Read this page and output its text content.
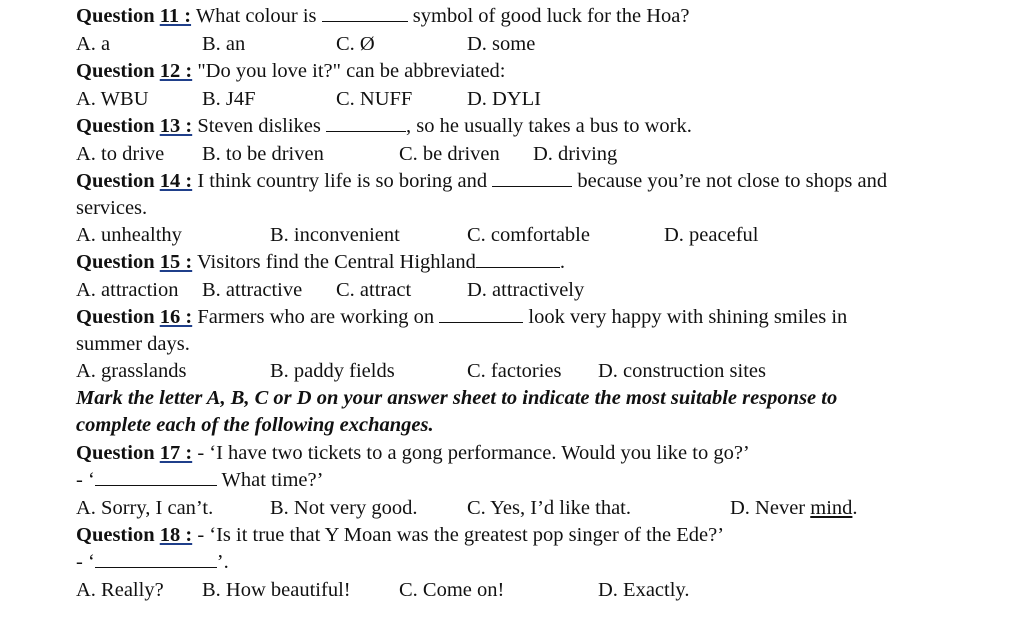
Question 11 : What colour is	symbol of good luck for the Hoa?
A. a	B. an	C. Ø	D. some
Question 12 : "Do you love it?" can be abbreviated:
A. WBU	B. J4F	C. NUFF	D. DYLI
Question 13 : Steven dislikes	, so he usually takes a bus to work.
A. to drive B. to be driven	C. be driven D. driving
Question 14 : I think country life is so boring and	because you’re not close to shops and
services.
A. unhealthy	B. inconvenient	C. comfortable	D. peaceful
Question 15 : Visitors find the Central Highland	.
A. attraction B. attractive C. attract	D. attractively
Question 16 : Farmers who are working on	look very happy with shining smiles in
summer days.
A. grasslands	B. paddy fields	C. factories D. construction sites
Mark the letter A, B, C or D on your answer sheet to indicate the most suitable response to
complete each of the following exchanges.
Question 17 : - ‘I have two tickets to a gong performance. Would you like to go?’
- ‘	What time?’
A. Sorry, I can’t.	B. Not very good. C. Yes, I’d like that.	D. Never mind.
Question 18 : - ‘Is it true that Y Moan was the greatest pop singer of the Ede?’
- ‘	’.
A. Really? B. How beautiful! C. Come on!	D. Exactly.
